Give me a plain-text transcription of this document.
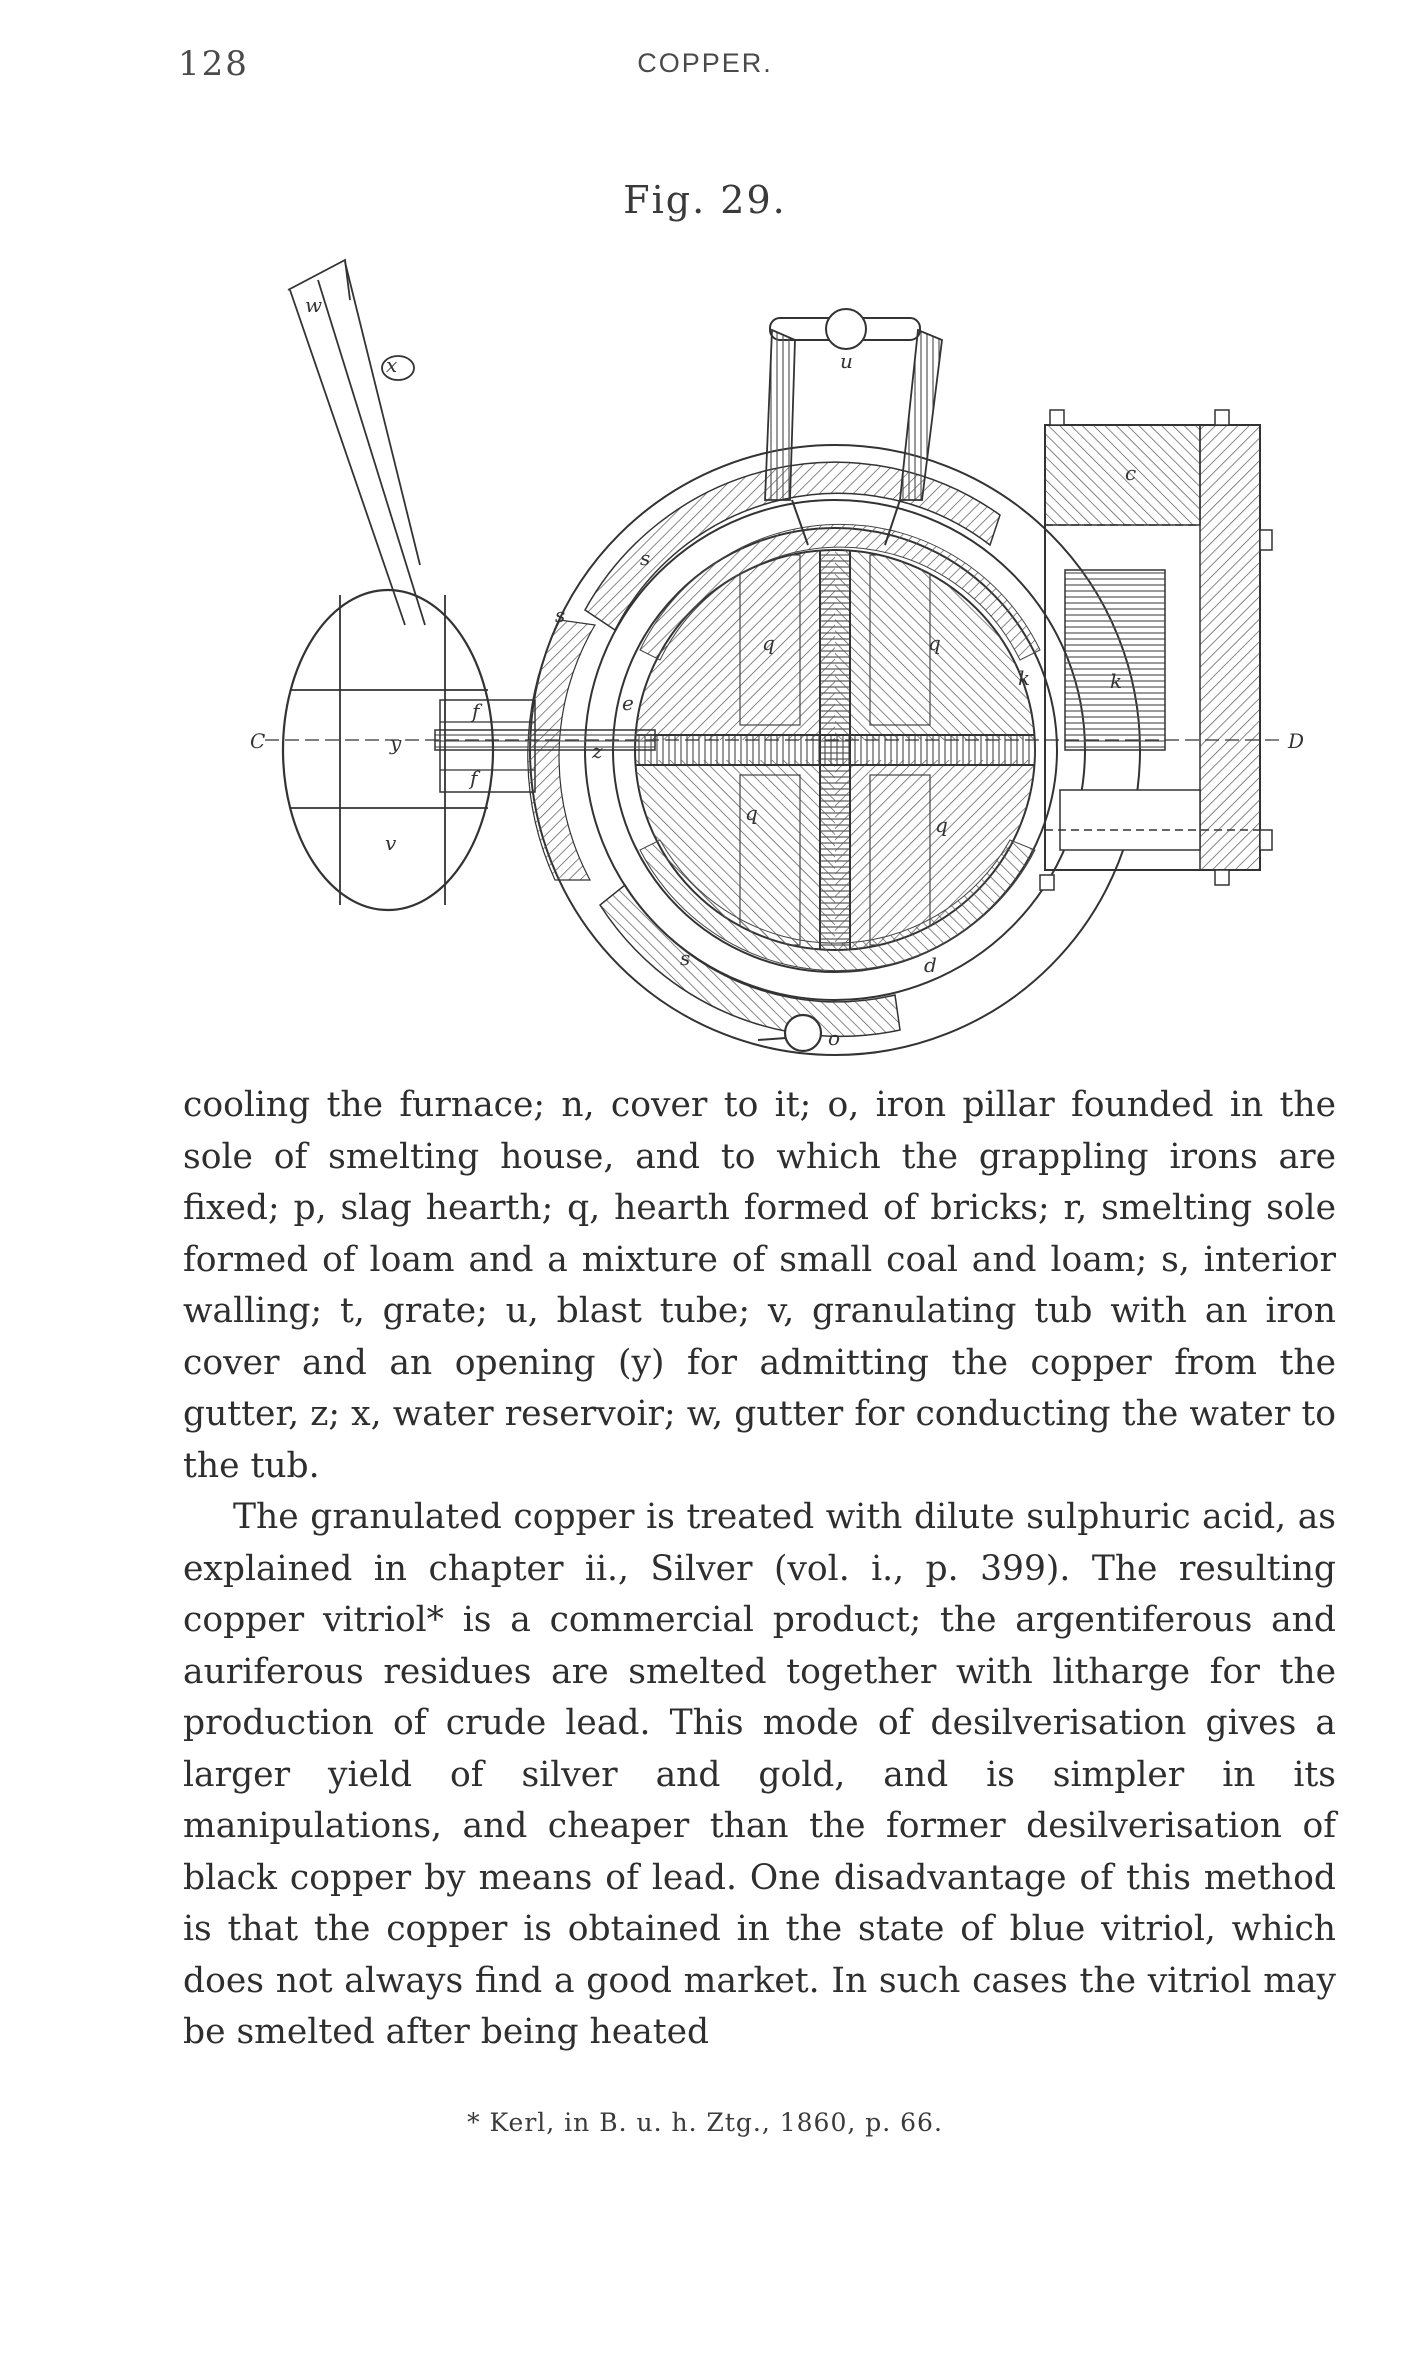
128	COPPER.
Fig. 29.
w
x	u
s
c
s
q	q
q	q
k	k
f
f
e
z
y
v
C	D
s	d
o

cooling the furnace; n, cover to it; o, iron pillar founded in the sole of smelting house, and to which the grappling irons are fixed; p, slag hearth; q, hearth formed of bricks; r, smelting sole formed of loam and a mixture of small coal and loam; s, interior walling; t, grate; u, blast tube; v, granulating tub with an iron cover and an opening (y) for admitting the copper from the gutter, z; x, water reservoir; w, gutter for conducting the water to the tub.

The granulated copper is treated with dilute sulphuric acid, as explained in chapter ii., Silver (vol. i., p. 399). The resulting copper vitriol* is a commercial product; the argentiferous and auriferous residues are smelted together with litharge for the production of crude lead. This mode of desilverisation gives a larger yield of silver and gold, and is simpler in its manipulations, and cheaper than the former desilverisation of black copper by means of lead. One disadvantage of this method is that the copper is obtained in the state of blue vitriol, which does not always find a good market. In such cases the vitriol may be smelted after being heated

* Kerl, in B. u. h. Ztg., 1860, p. 66.
